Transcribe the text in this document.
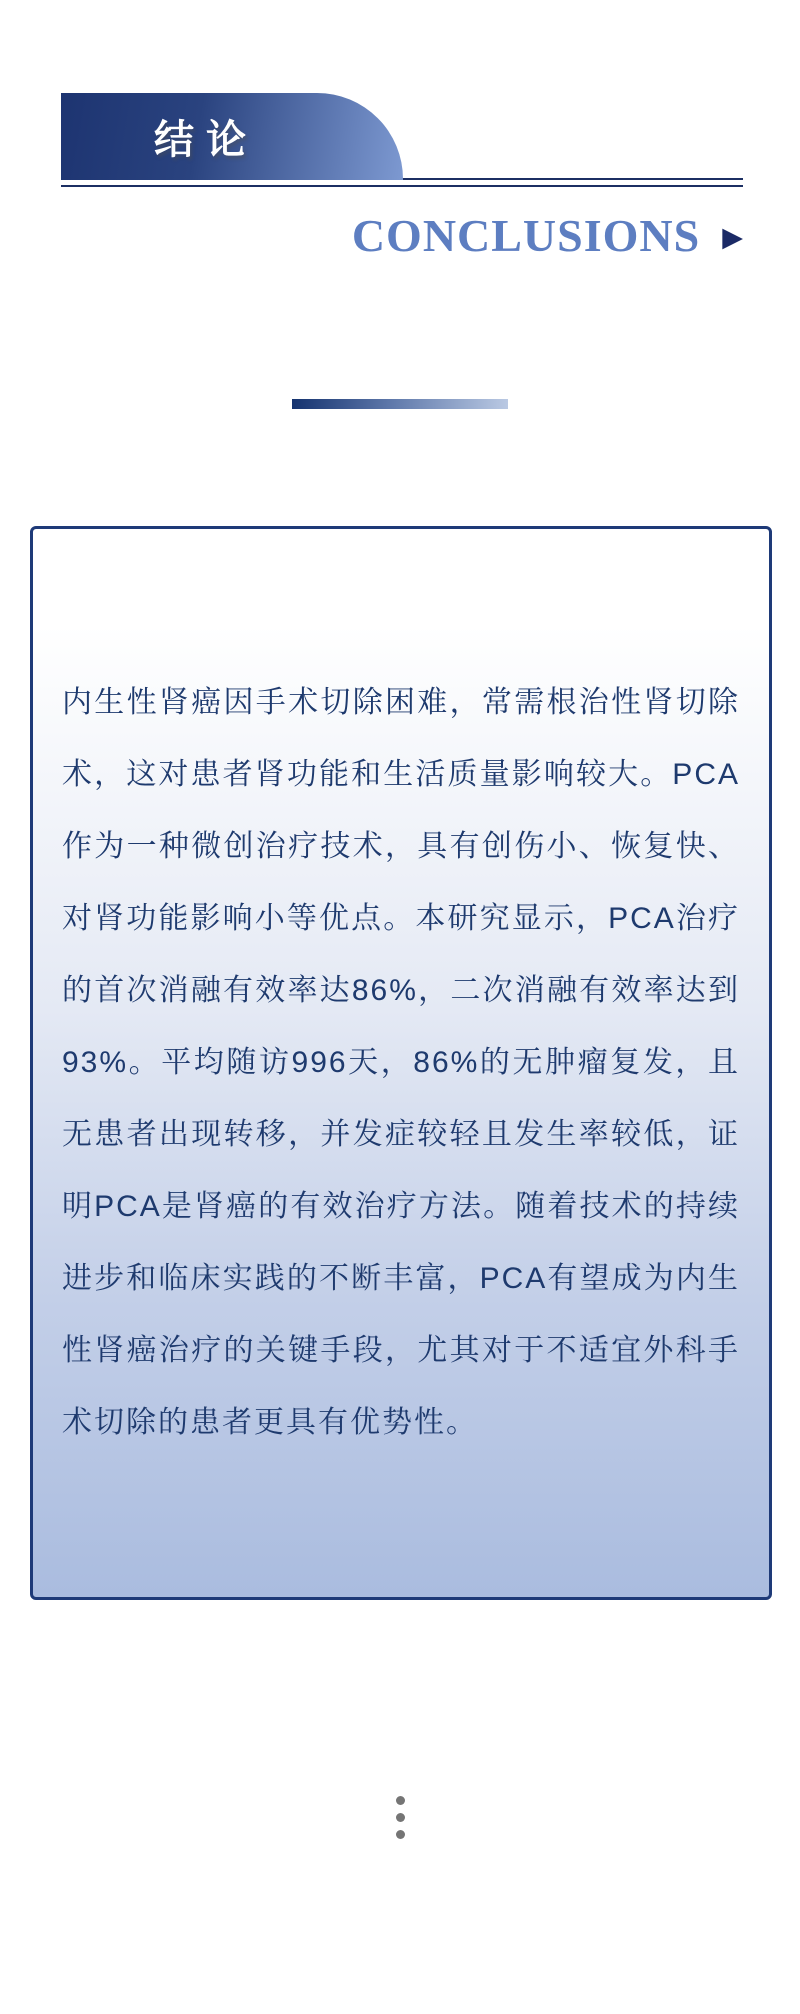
结论
CONCLUSIONS ▶

内生性肾癌因手术切除困难，常需根治性肾切除术，这对患者肾功能和生活质量影响较大。PCA作为一种微创治疗技术，具有创伤小、恢复快、对肾功能影响小等优点。本研究显示，PCA治疗的首次消融有效率达86%，二次消融有效率达到93%。平均随访996天，86%的无肿瘤复发，且无患者出现转移，并发症较轻且发生率较低，证明PCA是肾癌的有效治疗方法。随着技术的持续进步和临床实践的不断丰富，PCA有望成为内生性肾癌治疗的关键手段，尤其对于不适宜外科手术切除的患者更具有优势性。
